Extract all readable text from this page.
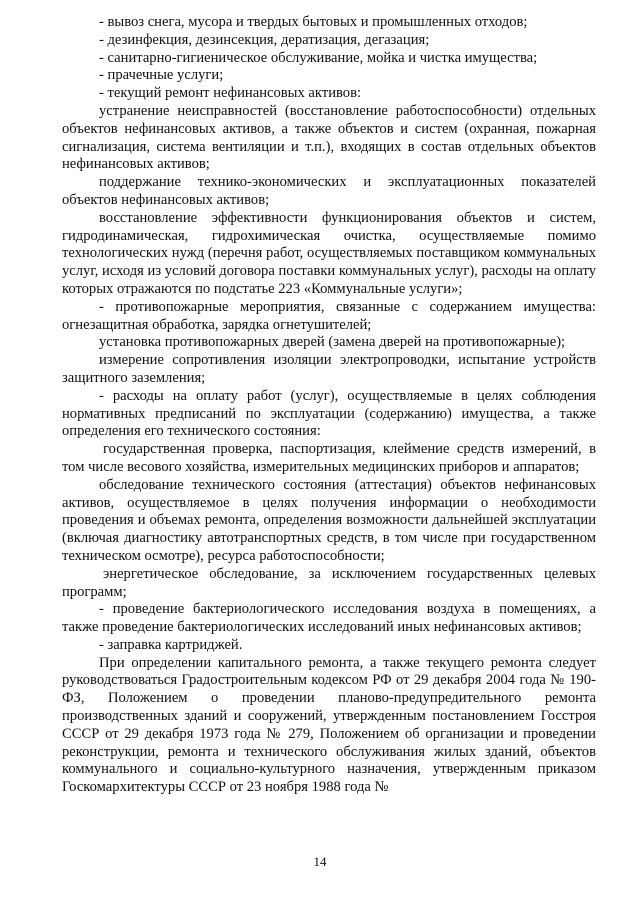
- вывоз снега, мусора и твердых бытовых и промышленных отходов;

- дезинфекция, дезинсекция, дератизация, дегазация;

- санитарно-гигиеническое обслуживание, мойка и чистка имущества;

- прачечные услуги;

- текущий ремонт нефинансовых активов:

устранение неисправностей (восстановление работоспособности) отдельных объектов нефинансовых активов, а также объектов и систем (охранная, пожарная сигнализация, система вентиляции и т.п.), входящих в состав отдельных объектов нефинансовых активов;

поддержание технико-экономических и эксплуатационных показателей объектов нефинансовых активов;

восстановление эффективности функционирования объектов и систем, гидродинамическая, гидрохимическая очистка, осуществляемые помимо технологических нужд (перечня работ, осуществляемых поставщиком коммунальных услуг, исходя из условий договора поставки коммунальных услуг), расходы на оплату которых отражаются по подстатье 223 «Коммунальные услуги»;

- противопожарные мероприятия, связанные с содержанием имущества: огнезащитная обработка, зарядка огнетушителей;

установка противопожарных дверей (замена дверей на противопожарные);

измерение сопротивления изоляции электропроводки, испытание устройств защитного заземления;

- расходы на оплату работ (услуг), осуществляемые в целях соблюдения нормативных предписаний по эксплуатации (содержанию) имущества, а также определения его технического состояния:

государственная проверка, паспортизация, клеймение средств измерений, в том числе весового хозяйства, измерительных медицинских приборов и аппаратов;

обследование технического состояния (аттестация) объектов нефинансовых активов, осуществляемое в целях получения информации о необходимости проведения и объемах ремонта, определения возможности дальнейшей эксплуатации (включая диагностику автотранспортных средств, в том числе при государственном техническом осмотре), ресурса работоспособности;

энергетическое обследование, за исключением государственных целевых программ;

- проведение бактериологического исследования воздуха в помещениях, а также проведение бактериологических исследований иных нефинансовых активов;

- заправка картриджей.

При определении капитального ремонта, а также текущего ремонта следует руководствоваться Градостроительным кодексом РФ от 29 декабря 2004 года № 190-ФЗ, Положением о проведении планово-предупредительного ремонта производственных зданий и сооружений, утвержденным постановлением Госстроя СССР от 29 декабря 1973 года № 279, Положением об организации и проведении реконструкции, ремонта и технического обслуживания жилых зданий, объектов коммунального и социально-культурного назначения, утвержденным приказом Госкомархитектуры СССР от 23 ноября 1988 года №

14
